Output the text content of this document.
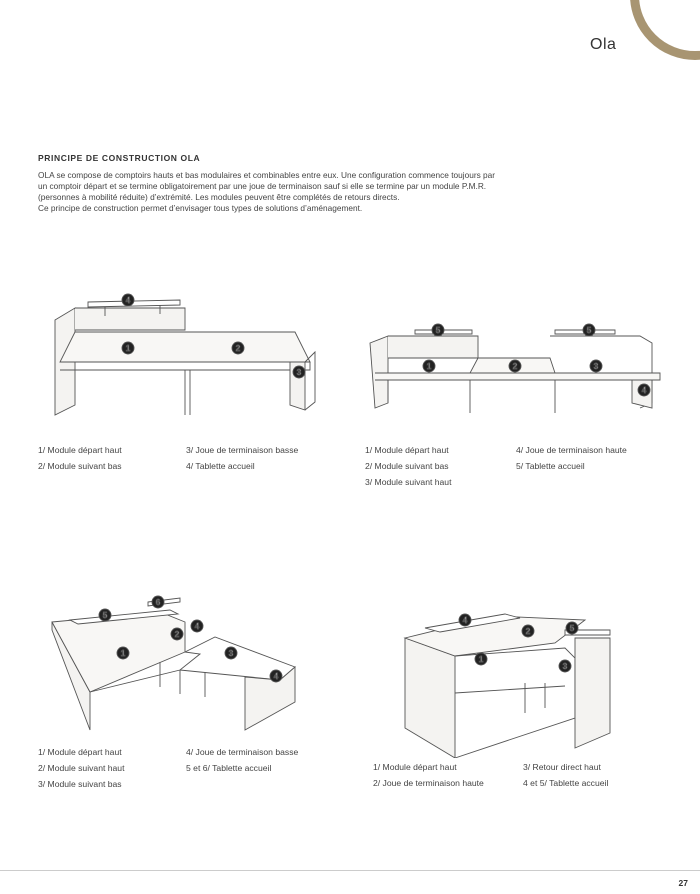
Ola
PRINCIPE DE CONSTRUCTION OLA
OLA se compose de comptoirs hauts et bas modulaires et combinables entre eux. Une configuration commence toujours par
un comptoir départ et se termine obligatoirement par une joue de terminaison sauf si elle se termine par un module P.M.R.
(personnes à mobilité réduite) d’extrémité. Les modules peuvent être complétés de retours directs.
Ce principe de construction permet d’envisager tous types de solutions d’aménagement.
4
1	2
3
1/ Module départ haut
2/ Module suivant bas
3/ Joue de terminaison basse
4/ Tablette accueil
5	5
1	2	3
4
1/ Module départ haut
2/ Module suivant bas
3/ Module suivant haut
4/ Joue de terminaison haute
5/ Tablette accueil
6
5
4
2
1	3
4
1/ Module départ haut
2/ Module suivant haut
3/ Module suivant bas
4/ Joue de terminaison basse
5 et 6/ Tablette accueil
4
2	5
1
3
1/ Module départ haut
2/ Joue de terminaison haute
3/ Retour direct haut
4 et 5/ Tablette accueil
27
